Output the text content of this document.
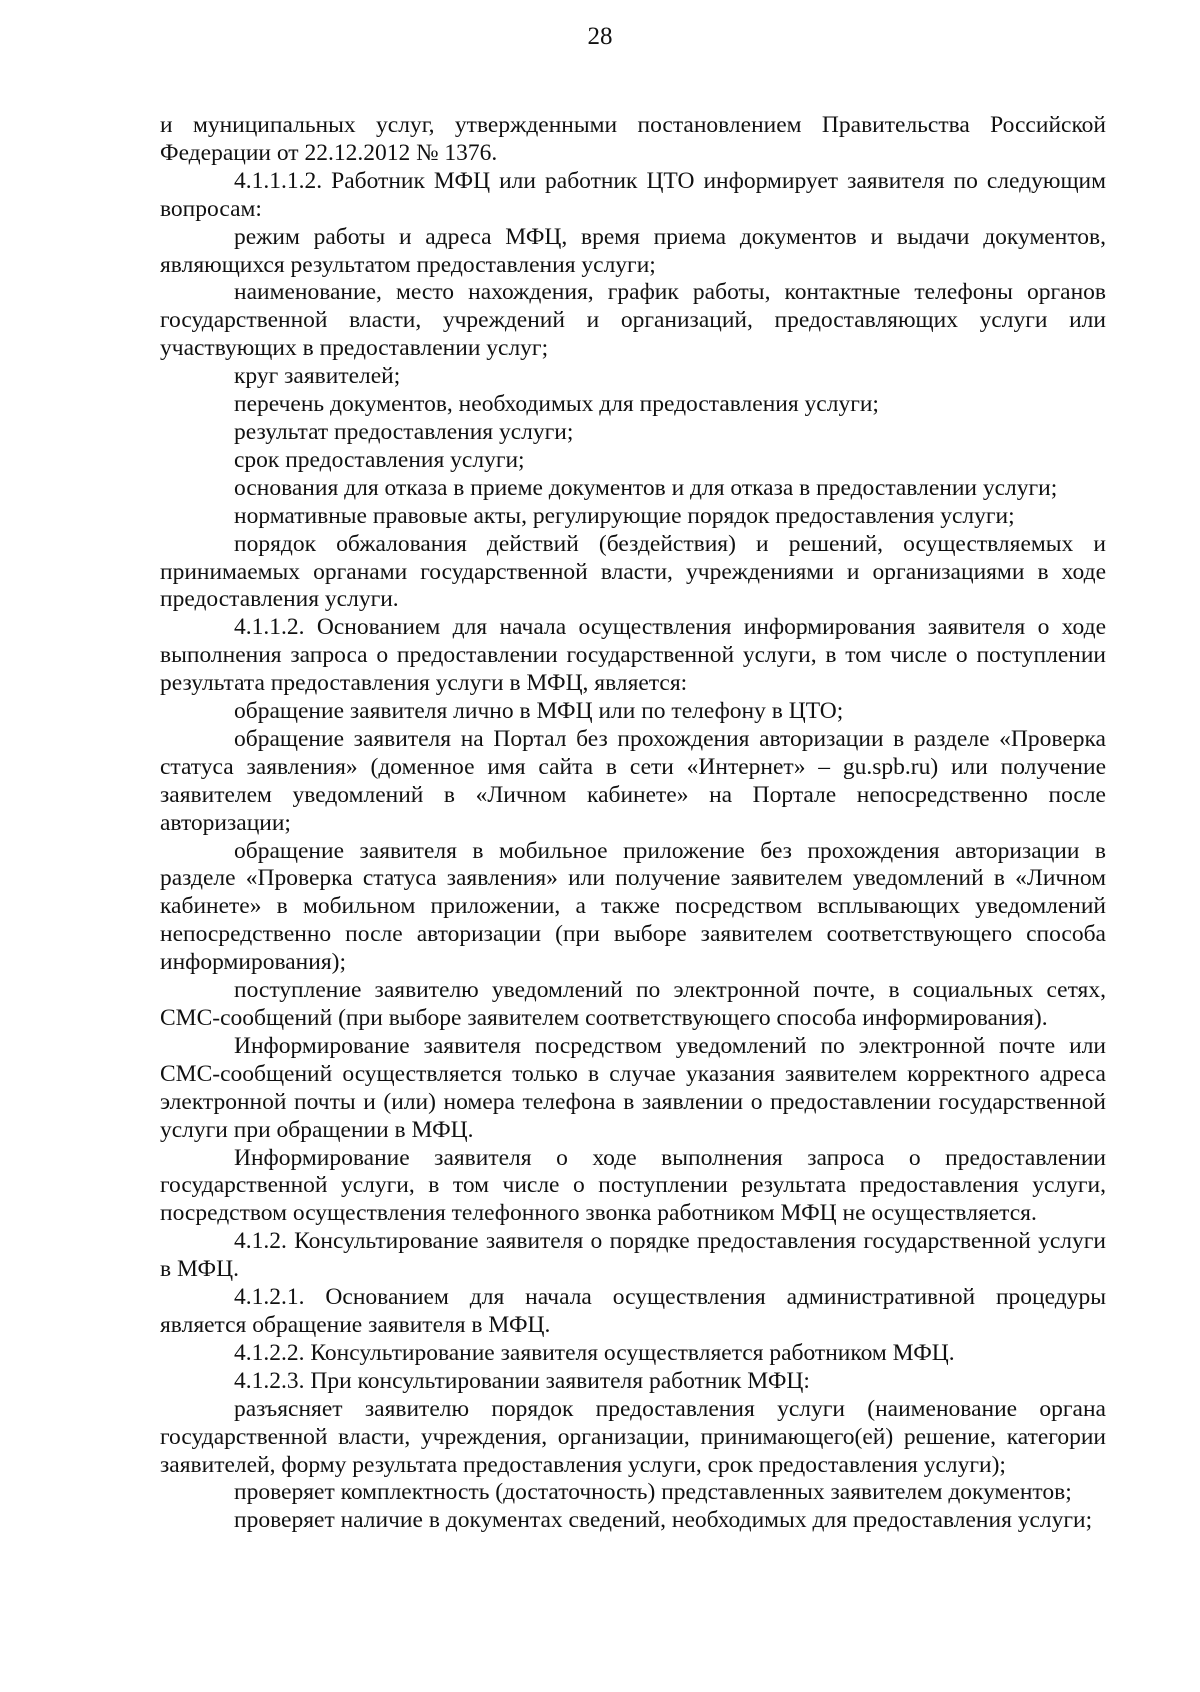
28

и муниципальных услуг, утвержденными постановлением Правительства Российской Федерации от 22.12.2012 № 1376.

4.1.1.1.2. Работник МФЦ или работник ЦТО информирует заявителя по следующим вопросам:

режим работы и адреса МФЦ, время приема документов и выдачи документов, являющихся результатом предоставления услуги;

наименование, место нахождения, график работы, контактные телефоны органов государственной власти, учреждений и организаций, предоставляющих услуги или участвующих в предоставлении услуг;

круг заявителей;

перечень документов, необходимых для предоставления услуги;

результат предоставления услуги;

срок предоставления услуги;

основания для отказа в приеме документов и для отказа в предоставлении услуги;

нормативные правовые акты, регулирующие порядок предоставления услуги;

порядок обжалования действий (бездействия) и решений, осуществляемых и принимаемых органами государственной власти, учреждениями и организациями в ходе предоставления услуги.

4.1.1.2. Основанием для начала осуществления информирования заявителя о ходе выполнения запроса о предоставлении государственной услуги, в том числе о поступлении результата предоставления услуги в МФЦ, является:

обращение заявителя лично в МФЦ или по телефону в ЦТО;

обращение заявителя на Портал без прохождения авторизации в разделе «Проверка статуса заявления» (доменное имя сайта в сети «Интернет» – gu.spb.ru) или получение заявителем уведомлений в «Личном кабинете» на Портале непосредственно после авторизации;

обращение заявителя в мобильное приложение без прохождения авторизации в разделе «Проверка статуса заявления» или получение заявителем уведомлений в «Личном кабинете» в мобильном приложении, а также посредством всплывающих уведомлений непосредственно после авторизации (при выборе заявителем соответствующего способа информирования);

поступление заявителю уведомлений по электронной почте, в социальных сетях, СМС-сообщений (при выборе заявителем соответствующего способа информирования).

Информирование заявителя посредством уведомлений по электронной почте или СМС-сообщений осуществляется только в случае указания заявителем корректного адреса электронной почты и (или) номера телефона в заявлении о предоставлении государственной услуги при обращении в МФЦ.

Информирование заявителя о ходе выполнения запроса о предоставлении государственной услуги, в том числе о поступлении результата предоставления услуги, посредством осуществления телефонного звонка работником МФЦ не осуществляется.

4.1.2. Консультирование заявителя о порядке предоставления государственной услуги в МФЦ.

4.1.2.1. Основанием для начала осуществления административной процедуры является обращение заявителя в МФЦ.

4.1.2.2. Консультирование заявителя осуществляется работником МФЦ.

4.1.2.3. При консультировании заявителя работник МФЦ:

разъясняет заявителю порядок предоставления услуги (наименование органа государственной власти, учреждения, организации, принимающего(ей) решение, категории заявителей, форму результата предоставления услуги, срок предоставления услуги);

проверяет комплектность (достаточность) представленных заявителем документов;

проверяет наличие в документах сведений, необходимых для предоставления услуги;
